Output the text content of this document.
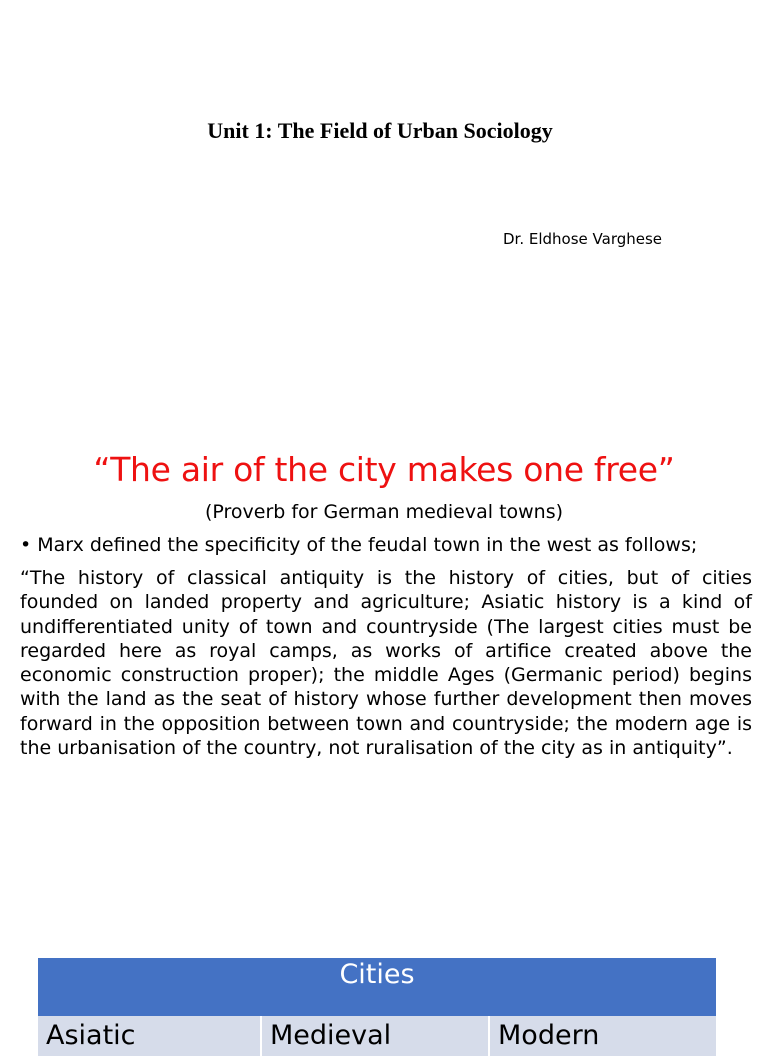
Unit 1: The Field of Urban Sociology
Dr. Eldhose Varghese
“The air of the city makes one free”
(Proverb for German medieval towns)
• Marx defined the specificity of the feudal town in the west as follows;
“The history of classical antiquity is the history of cities, but of cities founded on landed property and agriculture; Asiatic history is a kind of undifferentiated unity of town and countryside (The largest cities must be regarded here as royal camps, as works of artifice created above the economic construction proper); the middle Ages (Germanic period) begins with the land as the seat of history whose further development then moves forward in the opposition between town and countryside; the modern age is the urbanisation of the country, not ruralisation of the city as in antiquity”.
Cities
Asiatic	Medieval	Modern
